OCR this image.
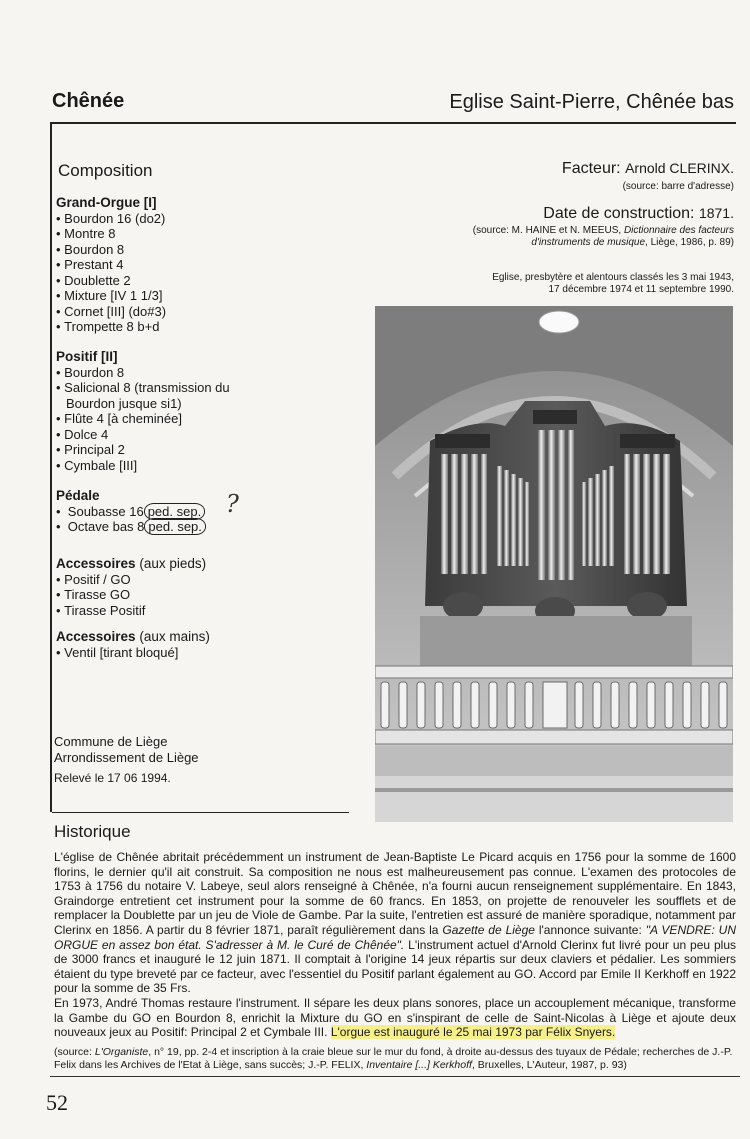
Chênée	Eglise Saint-Pierre, Chênée bas
Composition
Grand-Orgue [I]
• Bourdon 16 (do2)
• Montre 8
• Bourdon 8
• Prestant 4
• Doublette 2
• Mixture [IV 1 1/3]
• Cornet [III] (do#3)
• Trompette 8 b+d
Positif [II]
• Bourdon 8
• Salicional 8 (transmission du
Bourdon jusque si1)
• Flûte 4 [à cheminée]
• Dolce 4
• Principal 2
• Cymbale [III]
Pédale
• Soubasse 16 ped. sep.
• Octave bas 8 ped. sep.
?
Accessoires (aux pieds)
• Positif / GO
• Tirasse GO
• Tirasse Positif
Accessoires (aux mains)
• Ventil [tirant bloqué]
Commune de Liège
Arrondissement de Liège
Relevé le 17 06 1994.
Facteur: Arnold CLERINX.
(source: barre d'adresse)
Date de construction: 1871.
(source: M. HAINE et N. MEEUS, Dictionnaire des facteurs
d'instruments de musique, Liège, 1986, p. 89)
Eglise, presbytère et alentours classés les 3 mai 1943,
17 décembre 1974 et 11 septembre 1990.
Historique
L'église de Chênée abritait précédemment un instrument de Jean-Baptiste Le Picard acquis en 1756 pour la somme de 1600 florins, le dernier qu'il ait construit. Sa composition ne nous est malheureusement pas connue. L'examen des protocoles de 1753 à 1756 du notaire V. Labeye, seul alors renseigné à Chênée, n'a fourni aucun renseignement supplémentaire. En 1843, Graindorge entretient cet instrument pour la somme de 60 francs. En 1853, on projette de renouveler les soufflets et de remplacer la Doublette par un jeu de Viole de Gambe. Par la suite, l'entretien est assuré de manière sporadique, notamment par Clerinx en 1856. A partir du 8 février 1871, paraît régulièrement dans la Gazette de Liège l'annonce suivante: "A VENDRE: UN ORGUE en assez bon état. S'adresser à M. le Curé de Chênée". L'instrument actuel d'Arnold Clerinx fut livré pour un peu plus de 3000 francs et inauguré le 12 juin 1871. Il comptait à l'origine 14 jeux répartis sur deux claviers et pédalier. Les sommiers étaient du type breveté par ce facteur, avec l'essentiel du Positif parlant également au GO. Accord par Emile II Kerkhoff en 1922 pour la somme de 35 Frs.
En 1973, André Thomas restaure l'instrument. Il sépare les deux plans sonores, place un accouplement mécanique, transforme la Gambe du GO en Bourdon 8, enrichit la Mixture du GO en s'inspirant de celle de Saint-Nicolas à Liège et ajoute deux nouveaux jeux au Positif: Principal 2 et Cymbale III. L'orgue est inauguré le 25 mai 1973 par Félix Snyers.
(source: L'Organiste, n° 19, pp. 2-4 et inscription à la craie bleue sur le mur du fond, à droite au-dessus des tuyaux de Pédale; recherches de J.-P. Felix dans les Archives de l'Etat à Liège, sans succès; J.-P. FELIX, Inventaire [...] Kerkhoff, Bruxelles, L'Auteur, 1987, p. 93)
52
